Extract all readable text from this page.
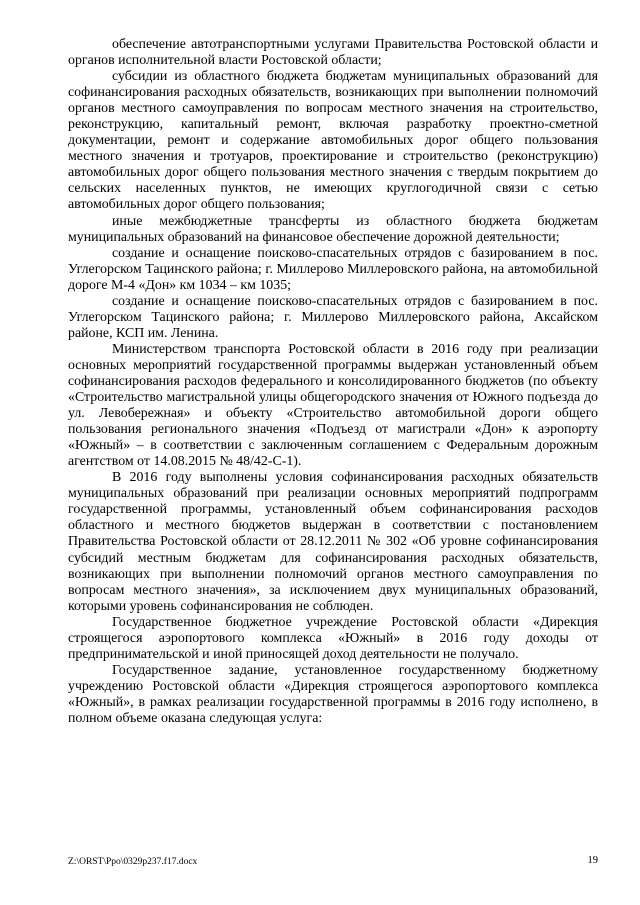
обеспечение автотранспортными услугами Правительства Ростовской области и органов исполнительной власти Ростовской области;

субсидии из областного бюджета бюджетам муниципальных образований для софинансирования расходных обязательств, возникающих при выполнении полномочий органов местного самоуправления по вопросам местного значения на строительство, реконструкцию, капитальный ремонт, включая разработку проектно-сметной документации, ремонт и содержание автомобильных дорог общего пользования местного значения и тротуаров, проектирование и строительство (реконструкцию) автомобильных дорог общего пользования местного значения с твердым покрытием до сельских населенных пунктов, не имеющих круглогодичной связи с сетью автомобильных дорог общего пользования;

иные межбюджетные трансферты из областного бюджета бюджетам муниципальных образований на финансовое обеспечение дорожной деятельности;

создание и оснащение поисково-спасательных отрядов с базированием в пос. Углегорском Тацинского района; г. Миллерово Миллеровского района, на автомобильной дороге М-4 «Дон» км 1034 – км 1035;

создание и оснащение поисково-спасательных отрядов с базированием в пос. Углегорском Тацинского района; г. Миллерово Миллеровского района, Аксайском районе, КСП им. Ленина.

Министерством транспорта Ростовской области в 2016 году при реализации основных мероприятий государственной программы выдержан установленный объем софинансирования расходов федерального и консолидированного бюджетов (по объекту «Строительство магистральной улицы общегородского значения от Южного подъезда до ул. Левобережная» и объекту «Строительство автомобильной дороги общего пользования регионального значения «Подъезд от магистрали «Дон» к аэропорту «Южный» – в соответствии с заключенным соглашением с Федеральным дорожным агентством от 14.08.2015 № 48/42-С-1).

В 2016 году выполнены условия софинансирования расходных обязательств муниципальных образований при реализации основных мероприятий подпрограмм государственной программы, установленный объем софинансирования расходов областного и местного бюджетов выдержан в соответствии с постановлением Правительства Ростовской области от 28.12.2011 № 302 «Об уровне софинансирования субсидий местным бюджетам для софинансирования расходных обязательств, возникающих при выполнении полномочий органов местного самоуправления по вопросам местного значения», за исключением двух муниципальных образований, которыми уровень софинансирования не соблюден.

Государственное бюджетное учреждение Ростовской области «Дирекция строящегося аэропортового комплекса «Южный» в 2016 году доходы от предпринимательской и иной приносящей доход деятельности не получало.

Государственное задание, установленное государственному бюджетному учреждению Ростовской области «Дирекция строящегося аэропортового комплекса «Южный», в рамках реализации государственной программы в 2016 году исполнено, в полном объеме оказана следующая услуга:

Z:\ORST\Ppo\0329p237.f17.docx	19
